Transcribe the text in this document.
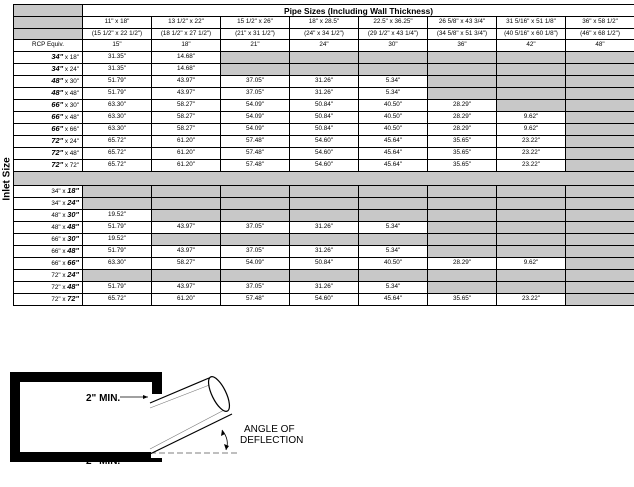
Inlet Size
	Pipe Sizes (Including Wall Thickness)							
	11" x 18"	13 1/2" x 22"	15 1/2" x 26"	18" x 28.5"	22.5" x 36.25"	26 5/8" x 43 3/4"	31 5/16" x 51 1/8"	36" x 58 1/2"
	(15 1/2" x 22 1/2")	(18 1/2" x 27 1/2")	(21" x 31 1/2")	(24" x 34 1/2")	(29 1/2" x 43 1/4")	(34 5/8" x 51 3/4")	(40 5/16" x 60 1/8")	(46" x 68 1/2")
RCP Equiv.	15"	18"	21"	24"	30"	36"	42"	48"
34" x 18"	31.35"	14.68"						
34" x 24"	31.35"	14.68"						
48" x 30"	51.79"	43.97"	37.05"	31.26"	5.34"			
48" x 48"	51.79"	43.97"	37.05"	31.26"	5.34"			
66" x 30"	63.30"	58.27"	54.09"	50.84"	40.50"	28.29"		
66" x 48"	63.30"	58.27"	54.09"	50.84"	40.50"	28.29"	9.62"	
66" x 66"	63.30"	58.27"	54.09"	50.84"	40.50"	28.29"	9.62"	
72" x 24"	65.72"	61.20"	57.48"	54.60"	45.64"	35.65"	23.22"	
72" x 48"	65.72"	61.20"	57.48"	54.60"	45.64"	35.65"	23.22"	
72" x 72"	65.72"	61.20"	57.48"	54.60"	45.64"	35.65"	23.22"	

34" x 18"								
34" x 24"								
48" x 30"	19.52"							
48" x 48"	51.79"	43.97"	37.05"	31.26"	5.34"			
66" x 30"	19.52"							
66" x 48"	51.79"	43.97"	37.05"	31.26"	5.34"			
66" x 66"	63.30"	58.27"	54.09"	50.84"	40.50"	28.29"	9.62"	
72" x 24"								
72" x 48"	51.79"	43.97"	37.05"	31.26"	5.34"			
72" x 72"	65.72"	61.20"	57.48"	54.60"	45.64"	35.65"	23.22"	
2" MIN.
2" MIN.
ANGLE OF
DEFLECTION
